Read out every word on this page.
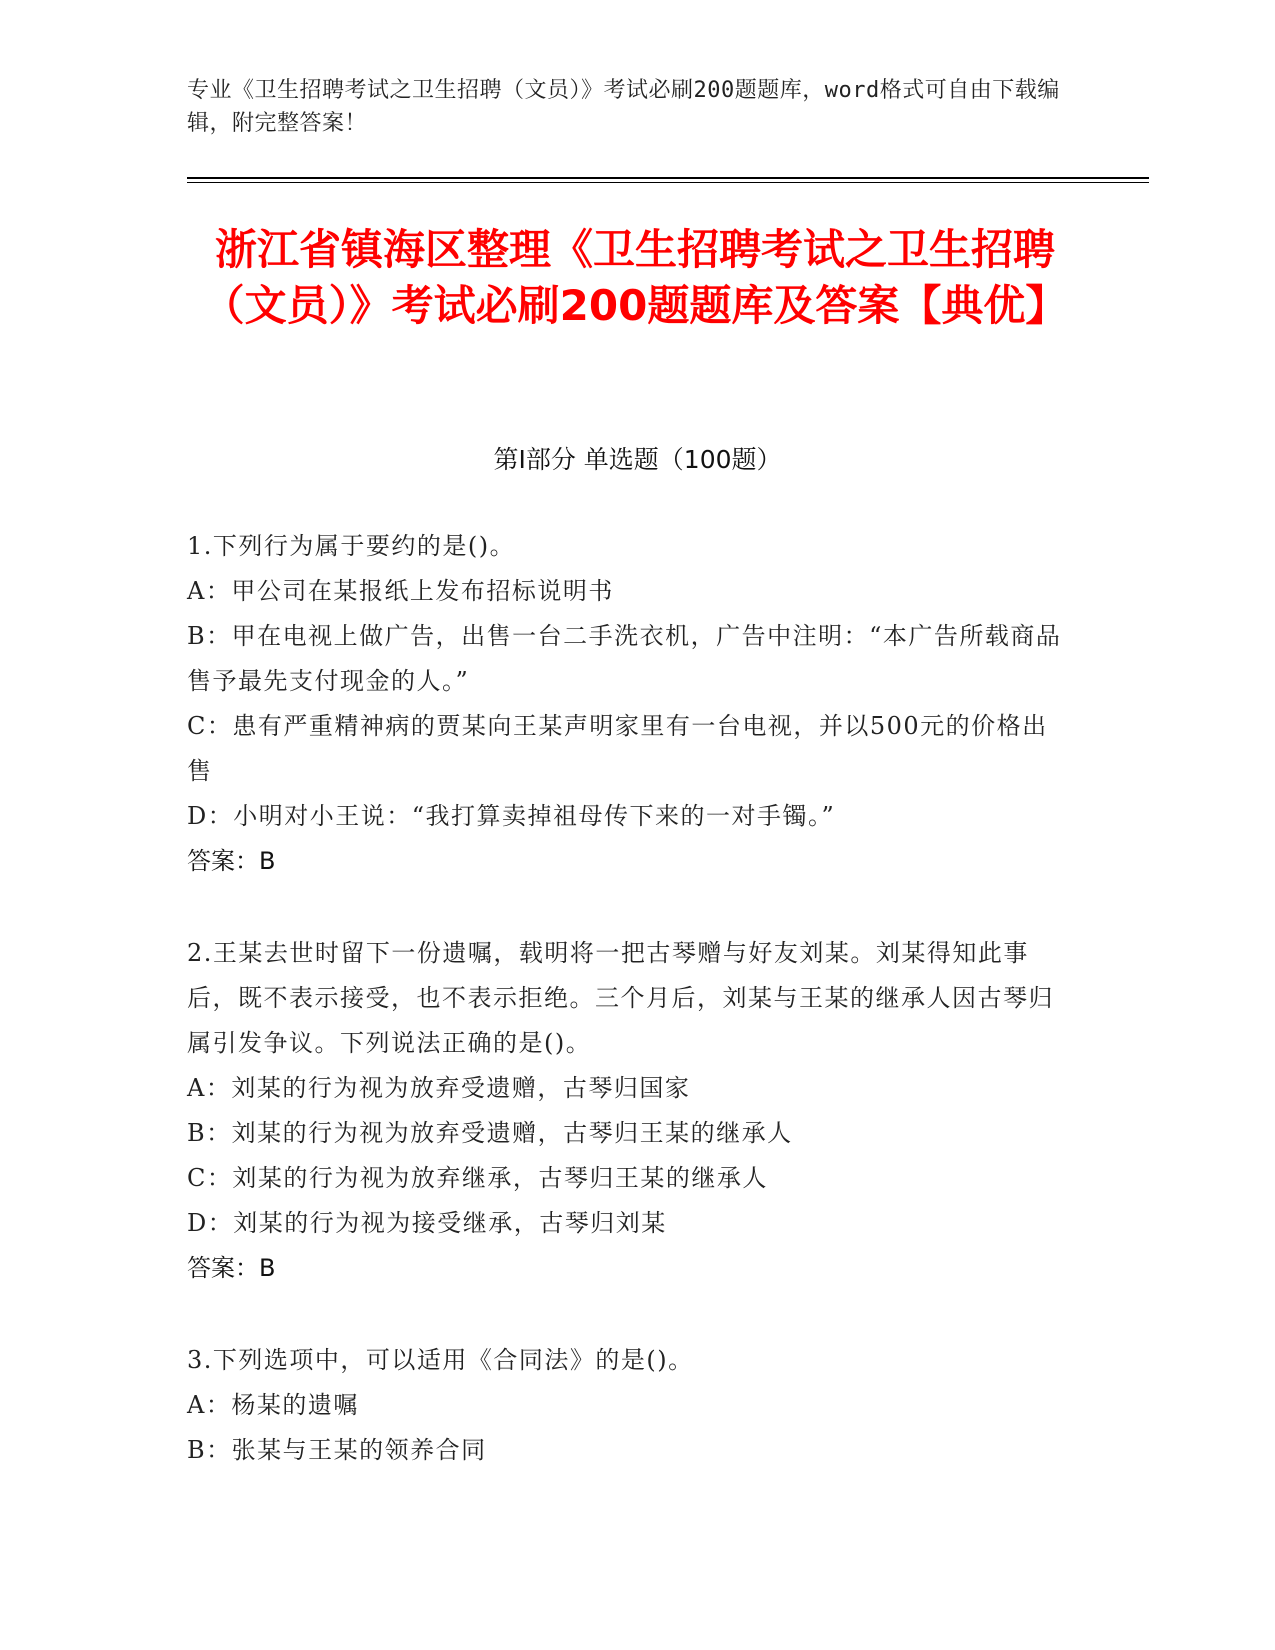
专业《卫生招聘考试之卫生招聘（文员）》考试必刷200题题库，word格式可自由下载编辑，附完整答案！
浙江省镇海区整理《卫生招聘考试之卫生招聘（文员）》考试必刷200题题库及答案【典优】
第I部分 单选题（100题）
1.下列行为属于要约的是()。
A：甲公司在某报纸上发布招标说明书
B：甲在电视上做广告，出售一台二手洗衣机，广告中注明：“本广告所载商品售予最先支付现金的人。”
C：患有严重精神病的贾某向王某声明家里有一台电视，并以500元的价格出售
D：小明对小王说：“我打算卖掉祖母传下来的一对手镯。”
答案：B
2.王某去世时留下一份遗嘱，载明将一把古琴赠与好友刘某。刘某得知此事后，既不表示接受，也不表示拒绝。三个月后，刘某与王某的继承人因古琴归属引发争议。下列说法正确的是()。
A：刘某的行为视为放弃受遗赠，古琴归国家
B：刘某的行为视为放弃受遗赠，古琴归王某的继承人
C：刘某的行为视为放弃继承，古琴归王某的继承人
D：刘某的行为视为接受继承，古琴归刘某
答案：B
3.下列选项中，可以适用《合同法》的是()。
A：杨某的遗嘱
B：张某与王某的领养合同
